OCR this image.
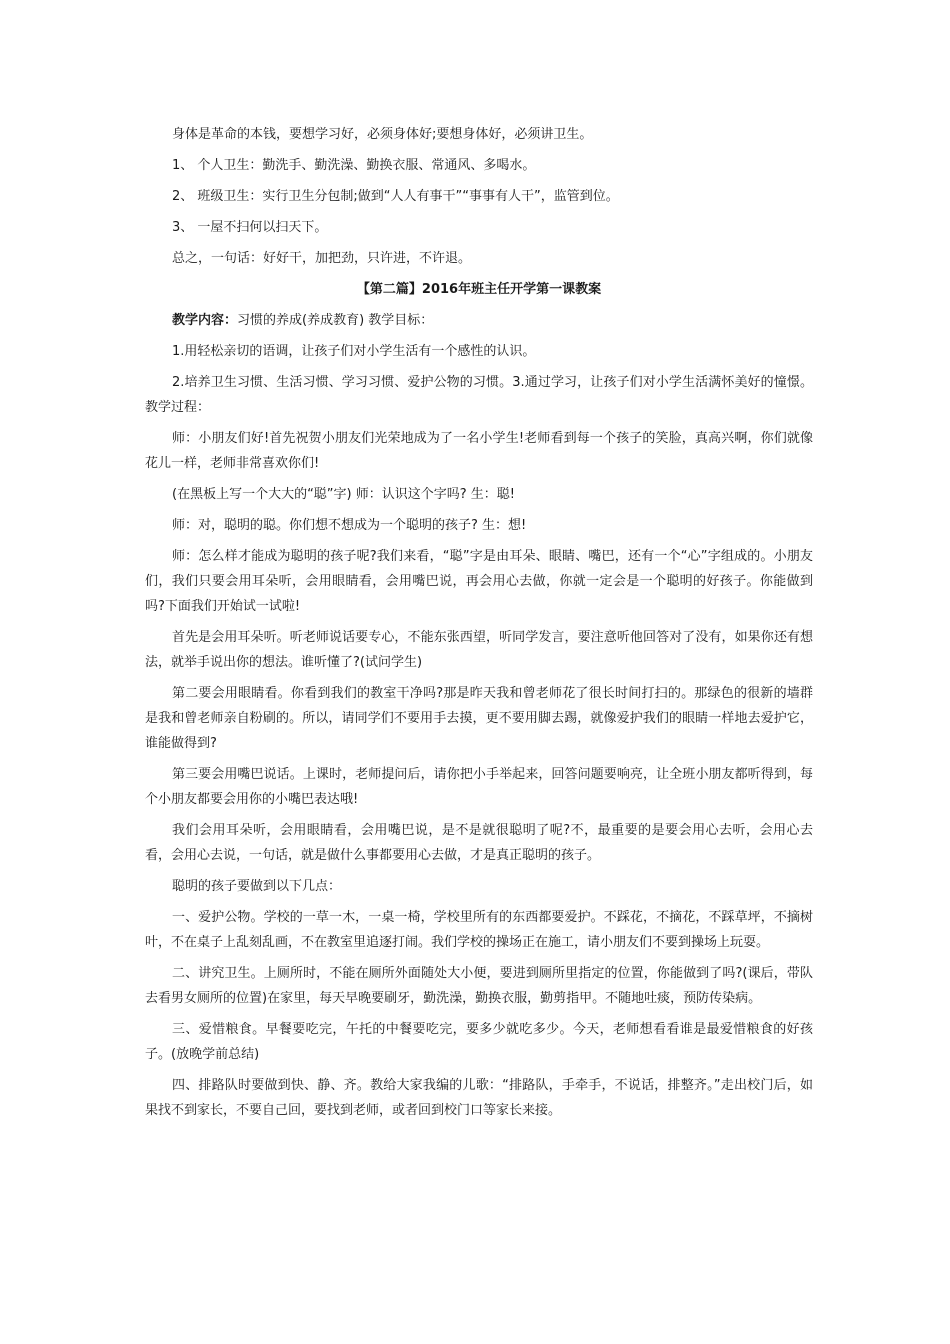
身体是革命的本钱，要想学习好，必须身体好;要想身体好，必须讲卫生。

1、 个人卫生：勤洗手、勤洗澡、勤换衣服、常通风、多喝水。

2、 班级卫生：实行卫生分包制;做到“人人有事干”“事事有人干”，监管到位。

3、 一屋不扫何以扫天下。

总之，一句话：好好干，加把劲，只许进，不许退。

【第二篇】2016年班主任开学第一课教案

教学内容：习惯的养成(养成教育) 教学目标：

1.用轻松亲切的语调，让孩子们对小学生活有一个感性的认识。

2.培养卫生习惯、生活习惯、学习习惯、爱护公物的习惯。3.通过学习，让孩子们对小学生活满怀美好的憧憬。 教学过程：

师：小朋友们好!首先祝贺小朋友们光荣地成为了一名小学生!老师看到每一个孩子的笑脸，真高兴啊，你们就像花儿一样，老师非常喜欢你们!

(在黑板上写一个大大的“聪”字) 师：认识这个字吗? 生：聪!

师：对，聪明的聪。你们想不想成为一个聪明的孩子? 生：想!

师：怎么样才能成为聪明的孩子呢?我们来看，“聪”字是由耳朵、眼睛、嘴巴，还有一个“心”字组成的。小朋友们，我们只要会用耳朵听，会用眼睛看，会用嘴巴说，再会用心去做，你就一定会是一个聪明的好孩子。你能做到吗?下面我们开始试一试啦!

首先是会用耳朵听。听老师说话要专心，不能东张西望，听同学发言，要注意听他回答对了没有，如果你还有想法，就举手说出你的想法。谁听懂了?(试问学生)

第二要会用眼睛看。你看到我们的教室干净吗?那是昨天我和曾老师花了很长时间打扫的。那绿色的很新的墙群是我和曾老师亲自粉刷的。所以，请同学们不要用手去摸，更不要用脚去踢，就像爱护我们的眼睛一样地去爱护它，谁能做得到?

第三要会用嘴巴说话。上课时，老师提问后，请你把小手举起来，回答问题要响亮，让全班小朋友都听得到，每个小朋友都要会用你的小嘴巴表达哦!

我们会用耳朵听，会用眼睛看，会用嘴巴说，是不是就很聪明了呢?不，最重要的是要会用心去听，会用心去看，会用心去说，一句话，就是做什么事都要用心去做，才是真正聪明的孩子。

聪明的孩子要做到以下几点：

一、爱护公物。学校的一草一木，一桌一椅，学校里所有的东西都要爱护。不踩花，不摘花，不踩草坪，不摘树叶，不在桌子上乱刻乱画，不在教室里追逐打闹。我们学校的操场正在施工，请小朋友们不要到操场上玩耍。

二、讲究卫生。上厕所时，不能在厕所外面随处大小便，要进到厕所里指定的位置，你能做到了吗?(课后，带队去看男女厕所的位置)在家里，每天早晚要刷牙，勤洗澡，勤换衣服，勤剪指甲。不随地吐痰，预防传染病。

三、爱惜粮食。早餐要吃完，午托的中餐要吃完，要多少就吃多少。今天，老师想看看谁是最爱惜粮食的好孩子。(放晚学前总结)

四、排路队时要做到快、静、齐。教给大家我编的儿歌：“排路队，手牵手，不说话，排整齐。”走出校门后，如果找不到家长，不要自己回，要找到老师，或者回到校门口等家长来接。
